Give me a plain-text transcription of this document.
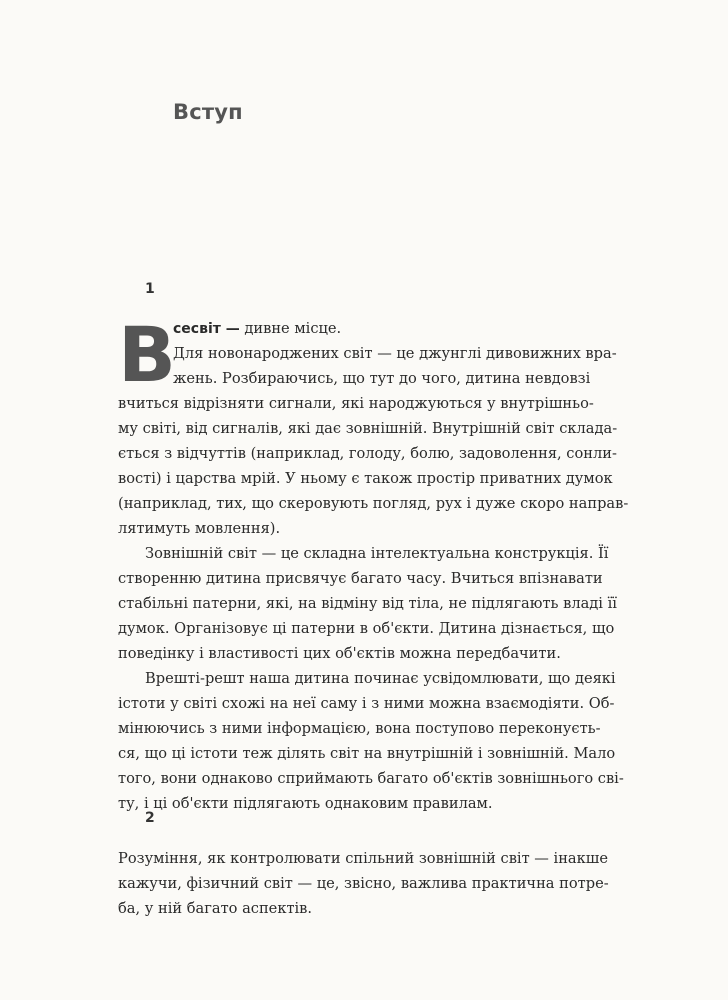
Вступ
1
В
сесвіт — дивне місце.
Для новонароджених світ — це джунглі дивовижних вра-
жень. Розбираючись, що тут до чого, дитина невдовзі
вчиться відрізняти сигнали, які народжуються у внутрішньо-
му світі, від сигналів, які дає зовнішній. Внутрішній світ склада-
ється з відчуттів (наприклад, голоду, болю, задоволення, сонли-
вості) і царства мрій. У ньому є також простір приватних думок
(наприклад, тих, що скеровують погляд, рух і дуже скоро направ-
лятимуть мовлення).
Зовнішній світ — це складна інтелектуальна конструкція. Її
створенню дитина присвячує багато часу. Вчиться впізнавати
стабільні патерни, які, на відміну від тіла, не підлягають владі її
думок. Організовує ці патерни в об'єкти. Дитина дізнається, що
поведінку і властивості цих об'єктів можна передбачити.
Врешті-решт наша дитина починає усвідомлювати, що деякі
істоти у світі схожі на неї саму і з ними можна взаємодіяти. Об-
мінюючись з ними інформацією, вона поступово переконуєть-
ся, що ці істоти теж ділять світ на внутрішній і зовнішній. Мало
того, вони однаково сприймають багато об'єктів зовнішнього сві-
ту, і ці об'єкти підлягають однаковим правилам.
2
Розуміння, як контролювати спільний зовнішній світ — інакше
кажучи, фізичний світ — це, звісно, важлива практична потре-
ба, у ній багато аспектів.
